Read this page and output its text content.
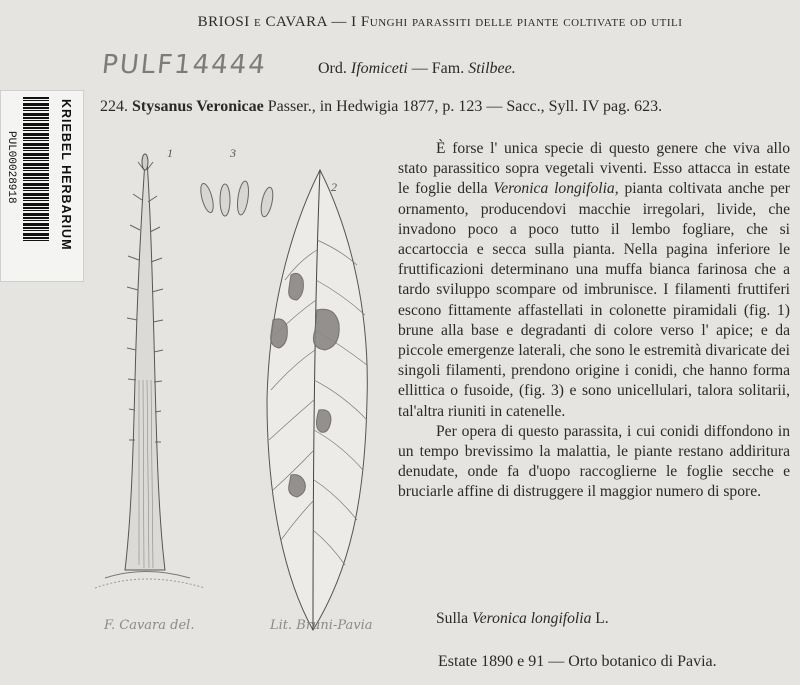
BRIOSI e CAVARA — I Funghi parassiti delle piante coltivate od utili
PULF14444	Ord. Ifomiceti — Fam. Stilbee.
224. Stysanus Veronicae Passer., in Hedwigia 1877, p. 123 — Sacc., Syll. IV pag. 623.
PUL00028918	KRIEBEL HERBARIUM	1	3
2
F. Cavara del.	Lit. Bruni-Pavia

È forse l' unica specie di questo genere che viva allo stato parassitico sopra vegetali viventi. Esso attacca in estate le foglie della Veronica longifolia, pianta coltivata anche per ornamento, producendovi macchie irregolari, livide, che invadono poco a poco tutto il lembo fogliare, che si accartoccia e secca sulla pianta. Nella pagina inferiore le fruttificazioni determinano una muffa bianca farinosa che a tardo sviluppo scompare od imbrunisce. I filamenti fruttiferi escono fittamente affastellati in colonette piramidali (fig. 1) brune alla base e degradanti di colore verso l' apice; e da piccole emergenze laterali, che sono le estremità divaricate dei singoli filamenti, prendono origine i conidi, che hanno forma ellittica o fusoide, (fig. 3) e sono unicellulari, talora solitarii, tal'altra riuniti in catenelle.

Per opera di questo parassita, i cui conidi diffondono in un tempo brevissimo la malattia, le piante restano addiritura denudate, onde fa d'uopo raccoglierne le foglie secche e bruciarle affine di distruggere il maggior numero di spore.

Sulla Veronica longifolia L.
Estate 1890 e 91 — Orto botanico di Pavia.
